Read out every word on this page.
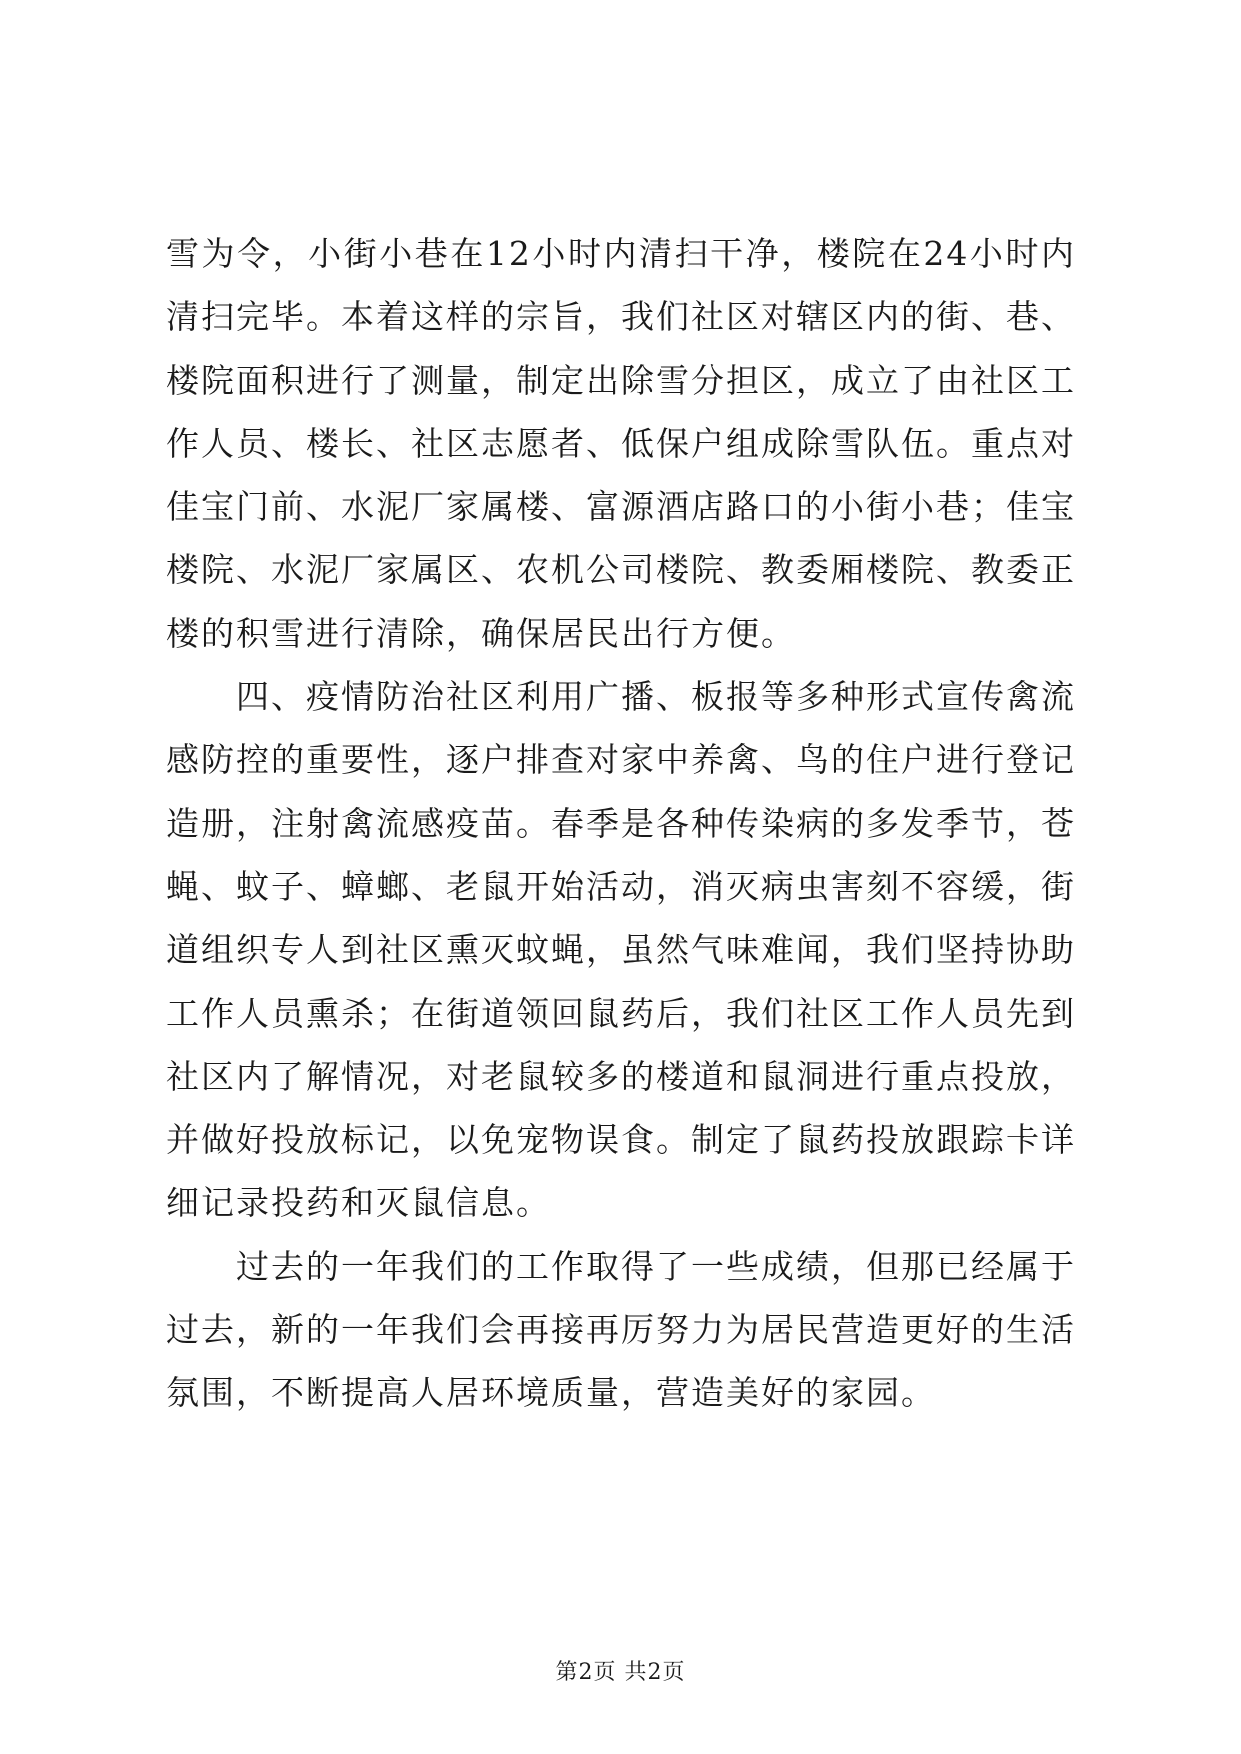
雪为令，小街小巷在12小时内清扫干净，楼院在24小时内清扫完毕。本着这样的宗旨，我们社区对辖区内的街、巷、楼院面积进行了测量，制定出除雪分担区，成立了由社区工作人员、楼长、社区志愿者、低保户组成除雪队伍。重点对佳宝门前、水泥厂家属楼、富源酒店路口的小街小巷；佳宝楼院、水泥厂家属区、农机公司楼院、教委厢楼院、教委正楼的积雪进行清除，确保居民出行方便。

四、疫情防治社区利用广播、板报等多种形式宣传禽流感防控的重要性，逐户排查对家中养禽、鸟的住户进行登记造册，注射禽流感疫苗。春季是各种传染病的多发季节，苍蝇、蚊子、蟑螂、老鼠开始活动，消灭病虫害刻不容缓，街道组织专人到社区熏灭蚊蝇，虽然气味难闻，我们坚持协助工作人员熏杀；在街道领回鼠药后，我们社区工作人员先到社区内了解情况，对老鼠较多的楼道和鼠洞进行重点投放，并做好投放标记，以免宠物误食。制定了鼠药投放跟踪卡详细记录投药和灭鼠信息。

过去的一年我们的工作取得了一些成绩，但那已经属于过去，新的一年我们会再接再厉努力为居民营造更好的生活氛围，不断提高人居环境质量，营造美好的家园。

第2页 共2页
